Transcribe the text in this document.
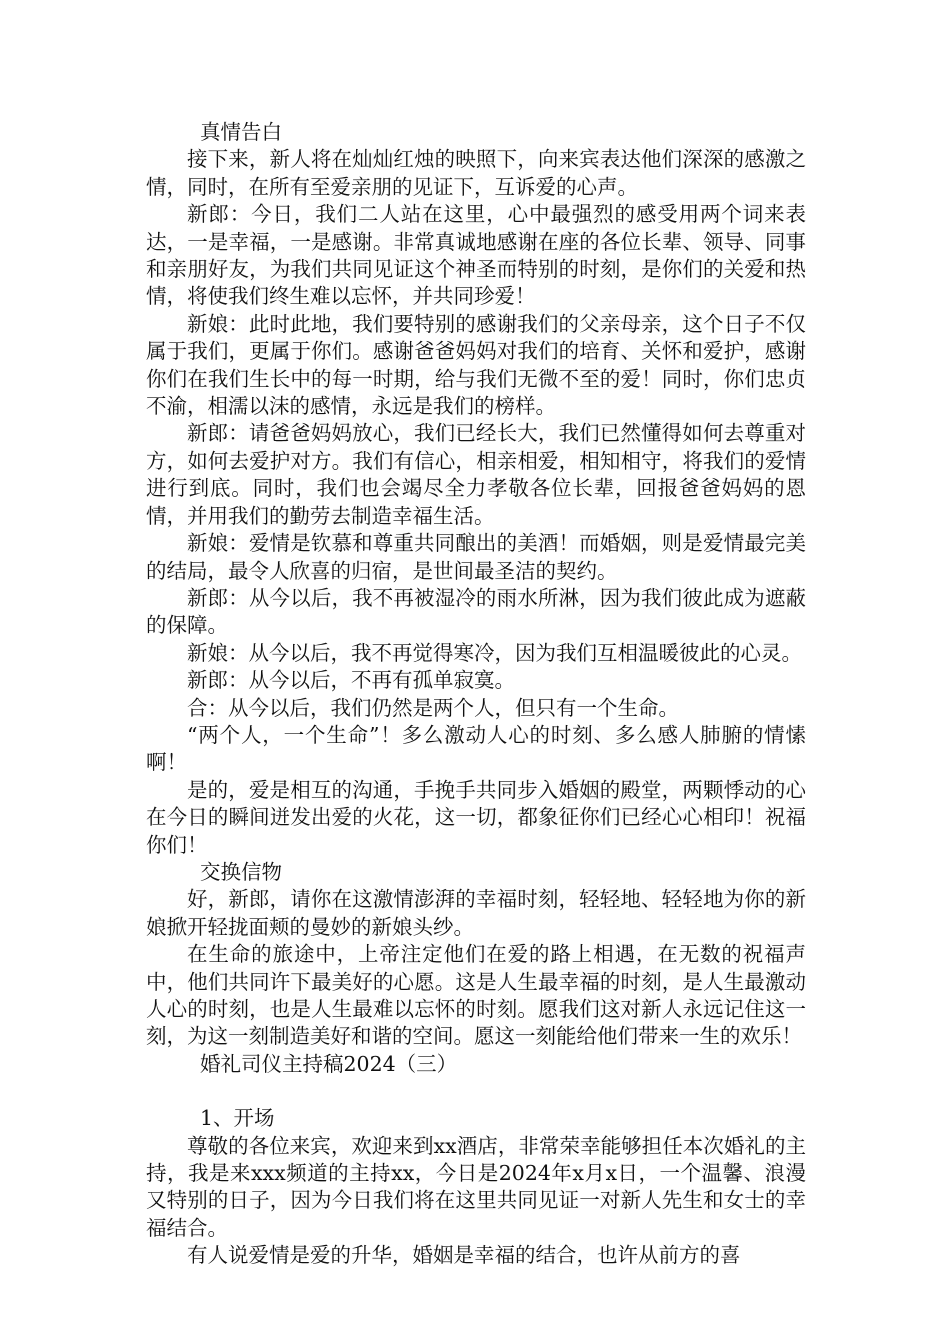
真情告白

接下来，新人将在灿灿红烛的映照下，向来宾表达他们深深的感激之情，同时，在所有至爱亲朋的见证下，互诉爱的心声。

新郎：今日，我们二人站在这里，心中最强烈的感受用两个词来表达，一是幸福，一是感谢。非常真诚地感谢在座的各位长辈、领导、同事和亲朋好友，为我们共同见证这个神圣而特别的时刻，是你们的关爱和热情，将使我们终生难以忘怀，并共同珍爱！

新娘：此时此地，我们要特别的感谢我们的父亲母亲，这个日子不仅属于我们，更属于你们。感谢爸爸妈妈对我们的培育、关怀和爱护，感谢你们在我们生长中的每一时期，给与我们无微不至的爱！同时，你们忠贞不渝，相濡以沫的感情，永远是我们的榜样。

新郎：请爸爸妈妈放心，我们已经长大，我们已然懂得如何去尊重对方，如何去爱护对方。我们有信心，相亲相爱，相知相守，将我们的爱情进行到底。同时，我们也会竭尽全力孝敬各位长辈，回报爸爸妈妈的恩情，并用我们的勤劳去制造幸福生活。

新娘：爱情是钦慕和尊重共同酿出的美酒！而婚姻，则是爱情最完美的结局，最令人欣喜的归宿，是世间最圣洁的契约。

新郎：从今以后，我不再被湿冷的雨水所淋，因为我们彼此成为遮蔽的保障。

新娘：从今以后，我不再觉得寒冷，因为我们互相温暖彼此的心灵。

新郎：从今以后，不再有孤单寂寞。

合：从今以后，我们仍然是两个人，但只有一个生命。

“两个人，一个生命”！多么激动人心的时刻、多么感人肺腑的情愫啊！

是的，爱是相互的沟通，手挽手共同步入婚姻的殿堂，两颗悸动的心在今日的瞬间迸发出爱的火花，这一切，都象征你们已经心心相印！祝福你们！

交换信物

好，新郎，请你在这激情澎湃的幸福时刻，轻轻地、轻轻地为你的新娘掀开轻拢面颊的曼妙的新娘头纱。

在生命的旅途中，上帝注定他们在爱的路上相遇，在无数的祝福声中，他们共同许下最美好的心愿。这是人生最幸福的时刻，是人生最激动人心的时刻，也是人生最难以忘怀的时刻。愿我们这对新人永远记住这一刻，为这一刻制造美好和谐的空间。愿这一刻能给他们带来一生的欢乐！

婚礼司仪主持稿2024（三）

1、开场

尊敬的各位来宾，欢迎来到xx酒店，非常荣幸能够担任本次婚礼的主持，我是来xxx频道的主持xx，今日是2024年x月x日，一个温馨、浪漫又特别的日子，因为今日我们将在这里共同见证一对新人先生和女士的幸福结合。

有人说爱情是爱的升华，婚姻是幸福的结合，也许从前方的喜
